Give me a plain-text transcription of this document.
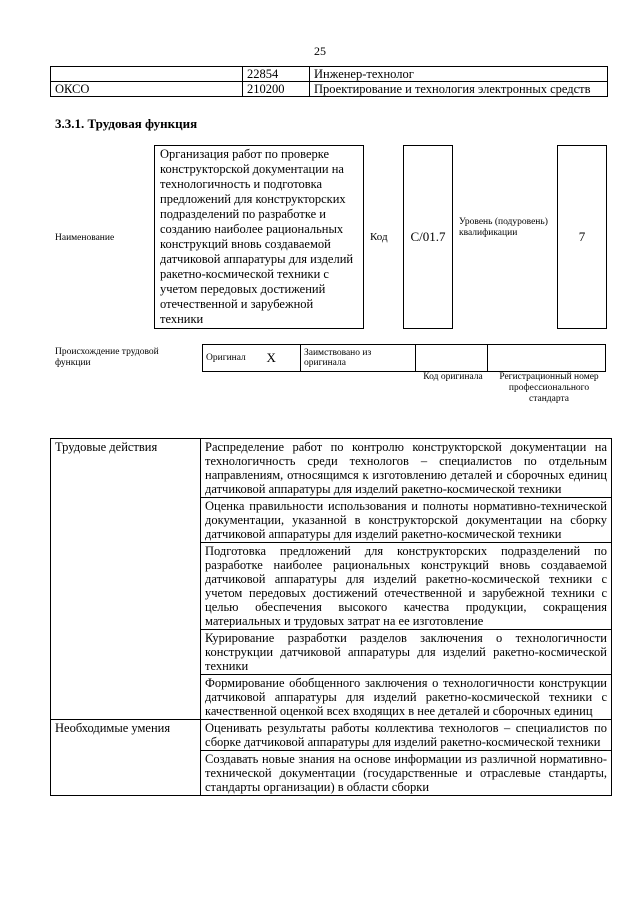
25
	22854	Инженер-технолог
ОКСО	210200	Проектирование и технология электронных средств
3.3.1. Трудовая функция
Наименование
Организация работ по проверке конструкторской документации на технологичность и подготовка предложений для конструкторских подразделений по разработке и созданию наиболее рациональных конструкций вновь создаваемой датчиковой аппаратуры для изделий ракетно-космической техники с учетом передовых достижений отечественной и зарубежной техники
Код	C/01.7
Уровень (подуровень) квалификации	7
Происхождение трудовой функции
Оригинал	X	Заимствовано из оригинала		
Код оригинала	Регистрационный номер профессионального стандарта
Трудовые действия	Распределение работ по контролю конструкторской документации на технологичность среди технологов – специалистов по отдельным направлениям, относящимся к изготовлению деталей и сборочных единиц датчиковой аппаратуры для изделий ракетно-космической техники
	Оценка правильности использования и полноты нормативно-технической документации, указанной в конструкторской документации на сборку датчиковой аппаратуры для изделий ракетно-космической техники
	Подготовка предложений для конструкторских подразделений по разработке наиболее рациональных конструкций вновь создаваемой датчиковой аппаратуры для изделий ракетно-космической техники с учетом передовых достижений отечественной и зарубежной техники с целью обеспечения высокого качества продукции, сокращения материальных и трудовых затрат на ее изготовление
	Курирование разработки разделов заключения о технологичности конструкции датчиковой аппаратуры для изделий ракетно-космической техники
	Формирование обобщенного заключения о технологичности конструкции датчиковой аппаратуры для изделий ракетно-космической техники с качественной оценкой всех входящих в нее деталей и сборочных единиц
Необходимые умения	Оценивать результаты работы коллектива технологов – специалистов по сборке датчиковой аппаратуры для изделий ракетно-космической техники
	Создавать новые знания на основе информации из различной нормативно-технической документации (государственные и отраслевые стандарты, стандарты организации) в области сборки
